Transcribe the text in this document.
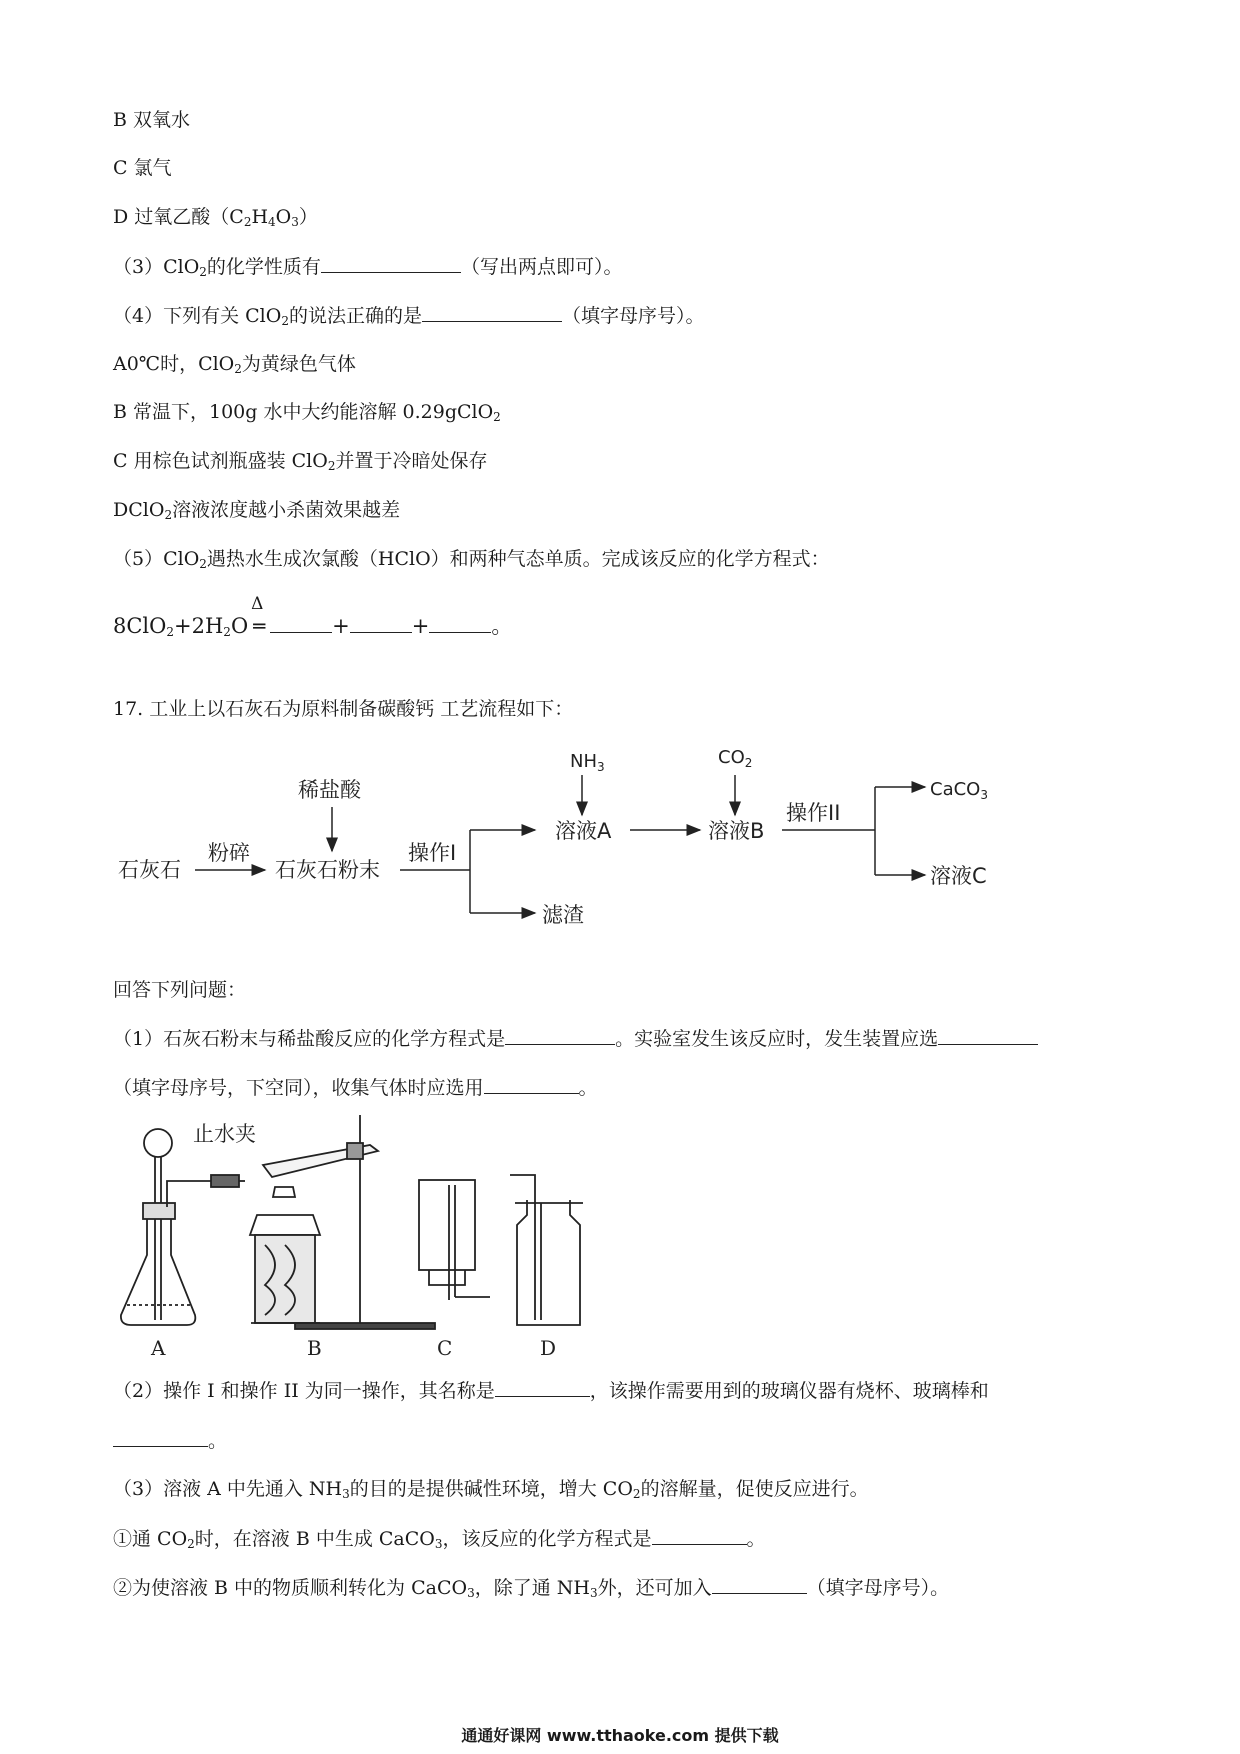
B 双氧水
C 氯气
D 过氧乙酸$(C_2H_4O_3)$
（3）ClO$_2$的化学性质有	（写出两点即可）。
（4）下列有关 ClO$_2$的说法正确的是	（填字母序号）。
A0℃时，ClO$_2$为黄绿色气体
B 常温下，100g 水中大约能溶解 0.29gClO$_2$
C 用棕色试剂瓶盛装 ClO$_2$并置于冷暗处保存
DClO$_2$溶液浓度越小杀菌效果越差
（5）ClO$_2$遇热水生成次氯酸（HClO）和两种气态单质。完成该反应的化学方程式：
$8ClO_2+2H_2O$
Δ
═	+	+	。
17. 工业上以石灰石为原料制备碳酸钙 工艺流程如下：
石灰石
粉碎
石灰石粉末
稀盐酸
操作I
滤渣
溶液A
$NH_3$
溶液B
$CO_2$
操作II
CaCO$_3$
溶液C
回答下列问题：
（1）石灰石粉末与稀盐酸反应的化学方程式是	。实验室发生该反应时，发生装置应选
（填字母序号，下空同），收集气体时应选用	。
止水夹
A	B	C	D
（2）操作 I 和操作 II 为同一操作，其名称是	，该操作需要用到的玻璃仪器有烧杯、玻璃棒和
。
（3）溶液 A 中先通入 $NH_3$的目的是提供碱性环境，增大 $CO_2$的溶解量，促使反应进行。
①通 $CO_2$时，在溶液 B 中生成 CaCO$_3$，该反应的化学方程式是	。
②为使溶液 B 中的物质顺利转化为 CaCO$_3$，除了通 $NH_3$外，还可加入	（填字母序号）。
通通好课网 www.tthaoke.com 提供下载
